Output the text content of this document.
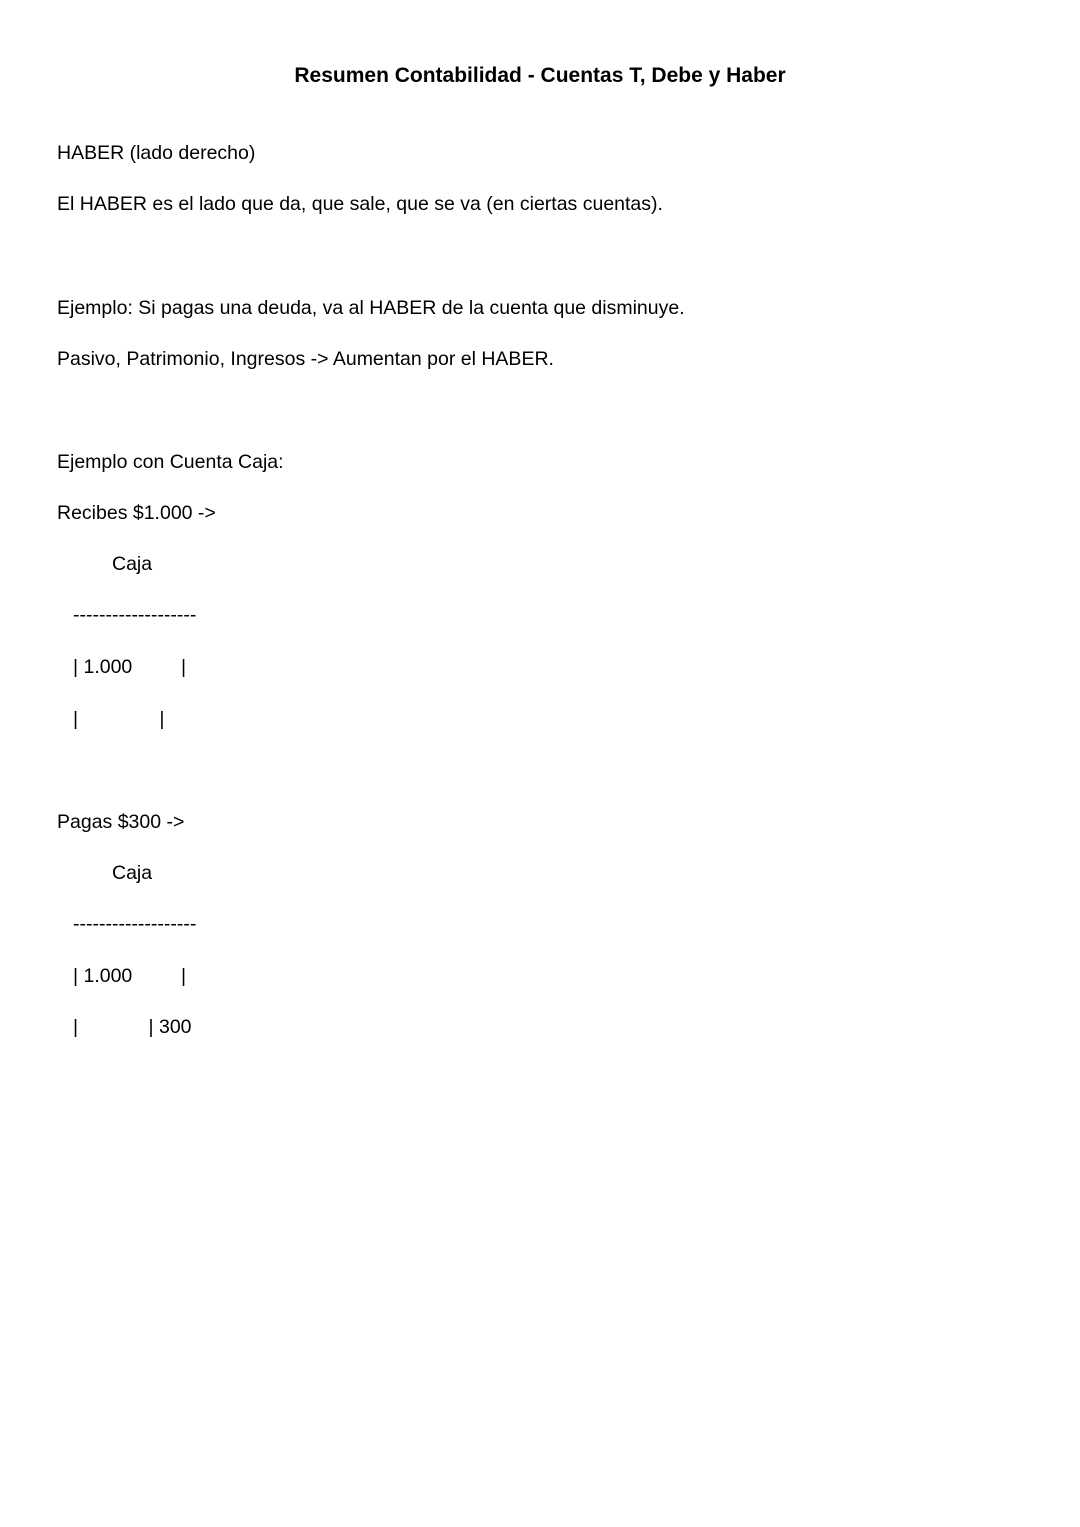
Resumen Contabilidad - Cuentas T, Debe y Haber

HABER (lado derecho)

El HABER es el lado que da, que sale, que se va (en ciertas cuentas).

Ejemplo: Si pagas una deuda, va al HABER de la cuenta que disminuye.

Pasivo, Patrimonio, Ingresos -> Aumentan por el HABER.

Ejemplo con Cuenta Caja:

Recibes $1.000 ->

Caja

-------------------

| 1.000         |

|               |

Pagas $300 ->

Caja

-------------------

| 1.000         |

|             | 300
